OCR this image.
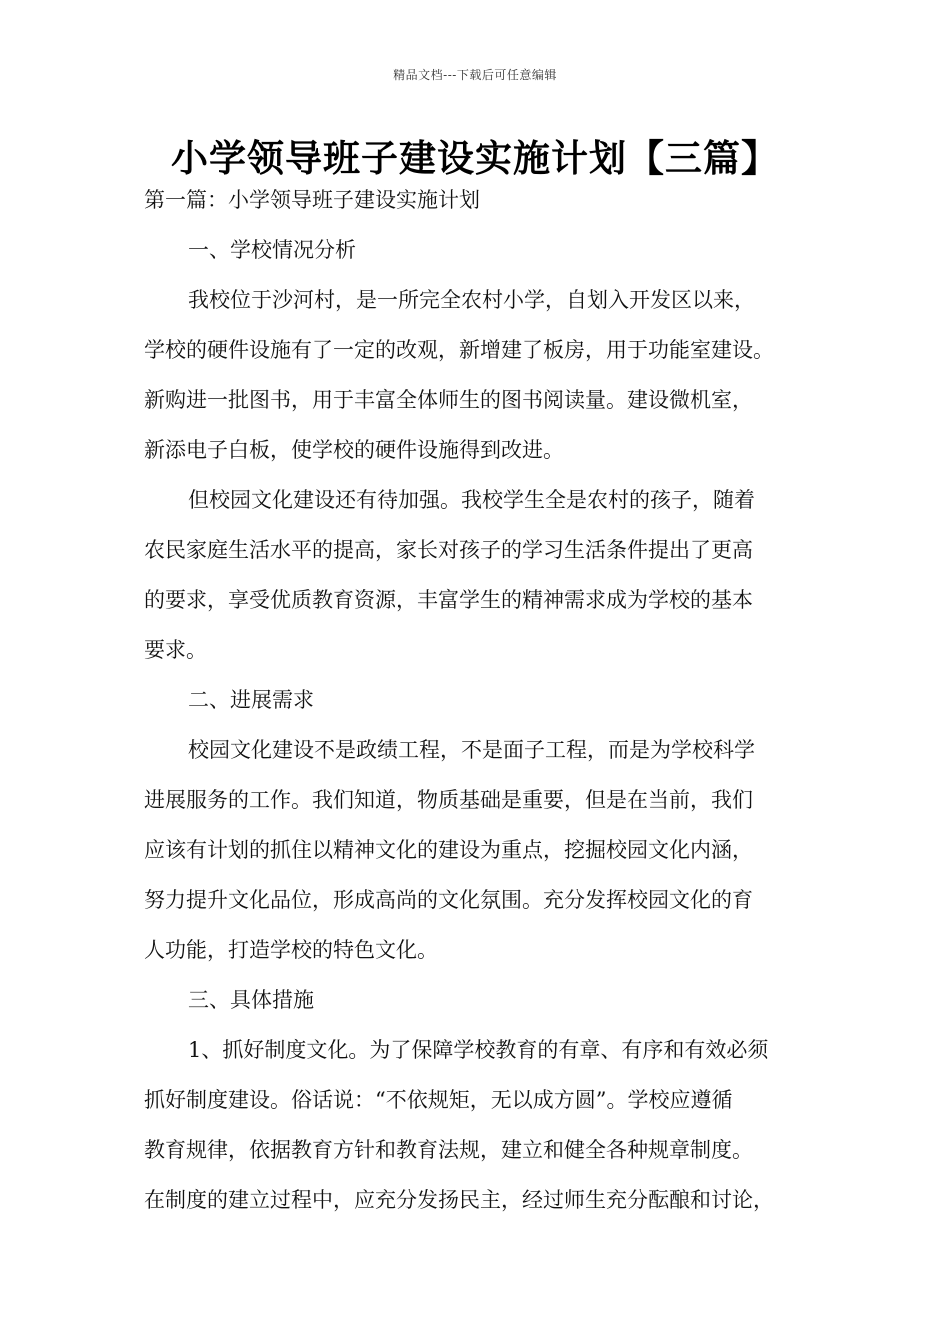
精品文档---下载后可任意编辑
小学领导班子建设实施计划【三篇】
第一篇：小学领导班子建设实施计划
一、学校情况分析
我校位于沙河村，是一所完全农村小学，自划入开发区以来，
学校的硬件设施有了一定的改观，新增建了板房，用于功能室建设。
新购进一批图书，用于丰富全体师生的图书阅读量。建设微机室，
新添电子白板，使学校的硬件设施得到改进。
但校园文化建设还有待加强。我校学生全是农村的孩子，随着
农民家庭生活水平的提高，家长对孩子的学习生活条件提出了更高
的要求，享受优质教育资源，丰富学生的精神需求成为学校的基本
要求。
二、进展需求
校园文化建设不是政绩工程，不是面子工程，而是为学校科学
进展服务的工作。我们知道，物质基础是重要，但是在当前，我们
应该有计划的抓住以精神文化的建设为重点，挖掘校园文化内涵，
努力提升文化品位，形成高尚的文化氛围。充分发挥校园文化的育
人功能，打造学校的特色文化。
三、具体措施
1、抓好制度文化。为了保障学校教育的有章、有序和有效必须
抓好制度建设。俗话说：“不依规矩，无以成方圆”。学校应遵循
教育规律，依据教育方针和教育法规，建立和健全各种规章制度。
在制度的建立过程中，应充分发扬民主，经过师生充分酝酿和讨论，
